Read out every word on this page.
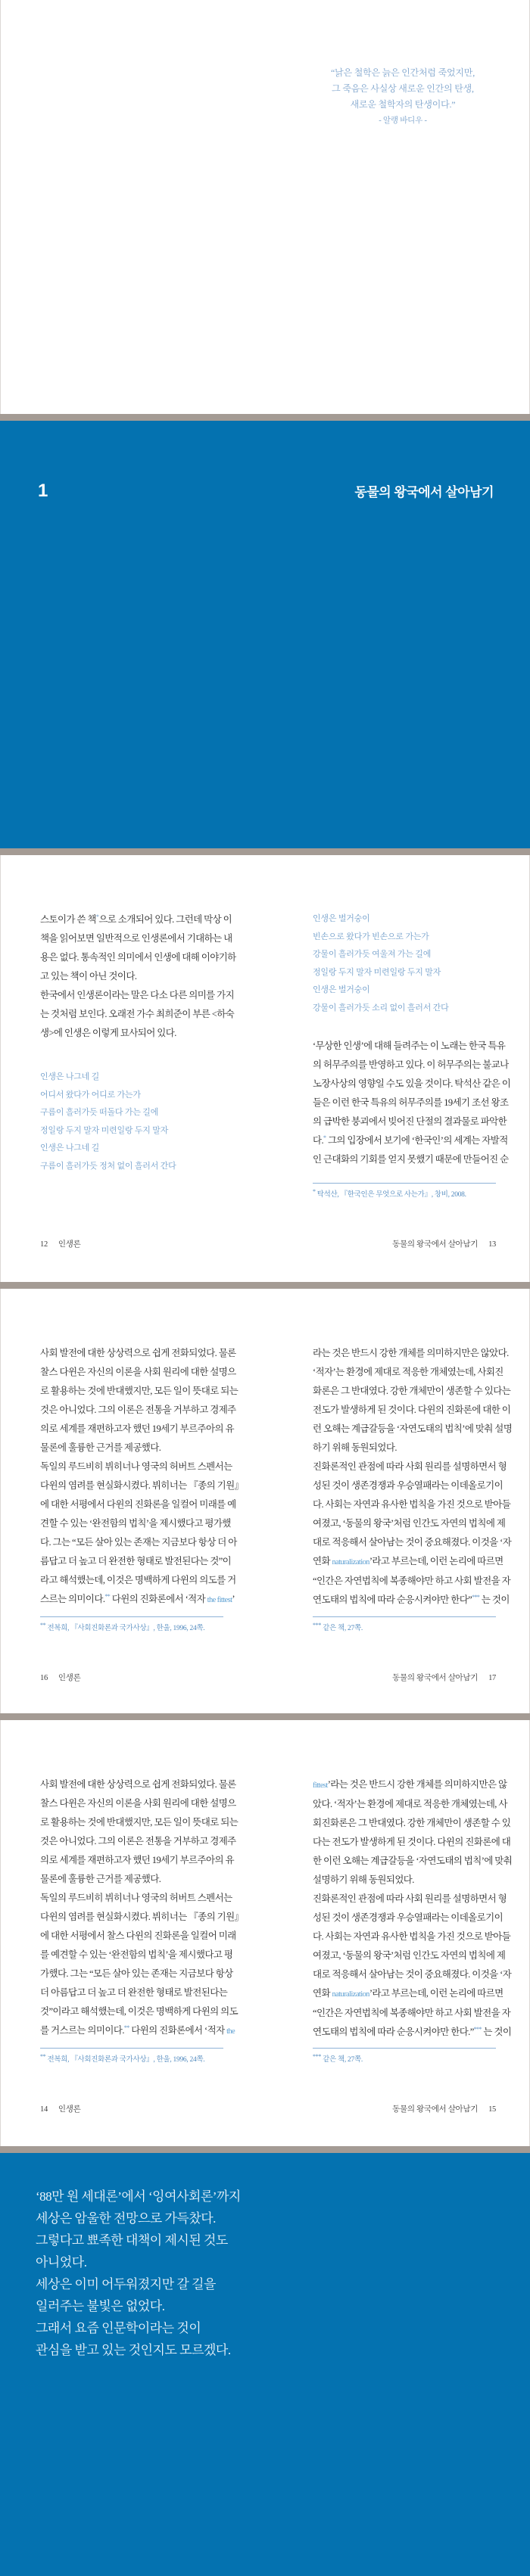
“낡은 철학은 늙은 인간처럼 죽었지만,
그 죽음은 사실상 새로운 인간의 탄생,
새로운 철학자의 탄생이다.”
- 알랭 바디우 -
1	동물의 왕국에서 살아남기
스토이가 쓴 책*으로 소개되어 있다. 그런데 막상 이
책을 읽어보면 일반적으로 인생론에서 기대하는 내
용은 없다. 통속적인 의미에서 인생에 대해 이야기하
고 있는 책이 아닌 것이다.
한국에서 인생론이라는 말은 다소 다른 의미를 가지
는 것처럼 보인다. 오래전 가수 최희준이 부른 <하숙
생>에 인생은 이렇게 묘사되어 있다.
인생은 나그네 길
어디서 왔다가 어디로 가는가
구름이 흘러가듯 떠돌다 가는 길에
정일랑 두지 말자 미련일랑 두지 말자
인생은 나그네 길
구름이 흘러가듯 정처 없이 흘러서 간다
인생은 벌거숭이
빈손으로 왔다가 빈손으로 가는가
강물이 흘러가듯 여울져 가는 길에
정일랑 두지 말자 미련일랑 두지 말자
인생은 벌거숭이
강물이 흘러가듯 소리 없이 흘러서 간다
‘무상한 인생’에 대해 들려주는 이 노래는 한국 특유
의 허무주의를 반영하고 있다. 이 허무주의는 불교나
노장사상의 영향일 수도 있을 것이다. 탁석산 같은 이
들은 이런 한국 특유의 허무주의를 19세기 조선 왕조
의 급박한 붕괴에서 빚어진 단절의 결과물로 파악한
다.* 그의 입장에서 보기에 ‘한국인’의 세계는 자발적
인 근대화의 기회를 얻지 못했기 때문에 만들어진 순
* 탁석산, 『한국인은 무엇으로 사는가』, 창비, 2008.
12 인생론	동물의 왕국에서 살아남기 13
사회 발전에 대한 상상력으로 쉽게 전화되었다. 물론
찰스 다윈은 자신의 이론을 사회 원리에 대한 설명으
로 활용하는 것에 반대했지만, 모든 일이 뜻대로 되는
것은 아니었다. 그의 이론은 전통을 거부하고 경제주
의로 세계를 재편하고자 했던 19세기 부르주아의 유
물론에 훌륭한 근거를 제공했다.
독일의 루드비히 뷔히너나 영국의 허버트 스펜서는
다윈의 염려를 현실화시켰다. 뷔히너는 『종의 기원』
에 대한 서평에서 다윈의 진화론을 일컬어 미래를 예
견할 수 있는 ‘완전함의 법칙’을 제시했다고 평가했
다. 그는 “모든 살아 있는 존재는 지금보다 항상 더 아
름답고 더 높고 더 완전한 형태로 발전된다는 것”이
라고 해석했는데, 이것은 명백하게 다윈의 의도를 거
스르는 의미이다.** 다윈의 진화론에서 ‘적자 the fittest’
라는 것은 반드시 강한 개체를 의미하지만은 않았다.
‘적자’는 환경에 제대로 적응한 개체였는데, 사회진
화론은 그 반대였다. 강한 개체만이 생존할 수 있다는
전도가 발생하게 된 것이다. 다윈의 진화론에 대한 이
런 오해는 계급갈등을 ‘자연도태의 법칙’에 맞춰 설명
하기 위해 동원되었다.
진화론적인 관점에 따라 사회 원리를 설명하면서 형
성된 것이 생존경쟁과 우승열패라는 이데올로기이
다. 사회는 자연과 유사한 법칙을 가진 것으로 받아들
여졌고, ‘동물의 왕국’처럼 인간도 자연의 법칙에 제
대로 적응해서 살아남는 것이 중요해졌다. 이것을 ‘자
연화 naturalization’라고 부르는데, 이런 논리에 따르면
“인간은 자연법칙에 복종해야만 하고 사회 발전을 자
연도태의 법칙에 따라 순응시켜야만 한다”*** 는 것이
** 전복희, 『사회진화론과 국가사상』, 한울, 1996, 24쪽.	*** 같은 책, 27쪽.
16 인생론	동물의 왕국에서 살아남기 17
사회 발전에 대한 상상력으로 쉽게 전화되었다. 물론
찰스 다윈은 자신의 이론을 사회 원리에 대한 설명으
로 활용하는 것에 반대했지만, 모든 일이 뜻대로 되는
것은 아니었다. 그의 이론은 전통을 거부하고 경제주
의로 세계를 재편하고자 했던 19세기 부르주아의 유
물론에 훌륭한 근거를 제공했다.
독일의 루드비히 뷔히너나 영국의 허버트 스펜서는
다윈의 염려를 현실화시켰다. 뷔히너는 『종의 기원』
에 대한 서평에서 찰스 다윈의 진화론을 일컬어 미래
를 예견할 수 있는 ‘완전함의 법칙’을 제시했다고 평
가했다. 그는 “모든 살아 있는 존재는 지금보다 항상
더 아름답고 더 높고 더 완전한 형태로 발전된다는
것”이라고 해석했는데, 이것은 명백하게 다윈의 의도
를 거스르는 의미이다.** 다윈의 진화론에서 ‘적자 the
fittest’라는 것은 반드시 강한 개체를 의미하지만은 않
았다. ‘적자’는 환경에 제대로 적응한 개체였는데, 사
회진화론은 그 반대였다. 강한 개체만이 생존할 수 있
다는 전도가 발생하게 된 것이다. 다윈의 진화론에 대
한 이런 오해는 계급갈등을 ‘자연도태의 법칙’에 맞춰
설명하기 위해 동원되었다.
진화론적인 관점에 따라 사회 원리를 설명하면서 형
성된 것이 생존경쟁과 우승열패라는 이데올로기이
다. 사회는 자연과 유사한 법칙을 가진 것으로 받아들
여졌고, ‘동물의 왕국’처럼 인간도 자연의 법칙에 제
대로 적응해서 살아남는 것이 중요해졌다. 이것을 ‘자
연화 naturalization’라고 부르는데, 이런 논리에 따르면
“인간은 자연법칙에 복종해야만 하고 사회 발전을 자
연도태의 법칙에 따라 순응시켜야만 한다.”*** 는 것이
** 전복희, 『사회진화론과 국가사상』, 한울, 1996, 24쪽.	*** 같은 책, 27쪽.
14 인생론	동물의 왕국에서 살아남기 15
‘88만 원 세대론’에서 ‘잉여사회론’까지
세상은 암울한 전망으로 가득찼다.
그렇다고 뾰족한 대책이 제시된 것도
아니었다.
세상은 이미 어두워졌지만 갈 길을
일러주는 불빛은 없었다.
그래서 요즘 인문학이라는 것이
관심을 받고 있는 것인지도 모르겠다.
